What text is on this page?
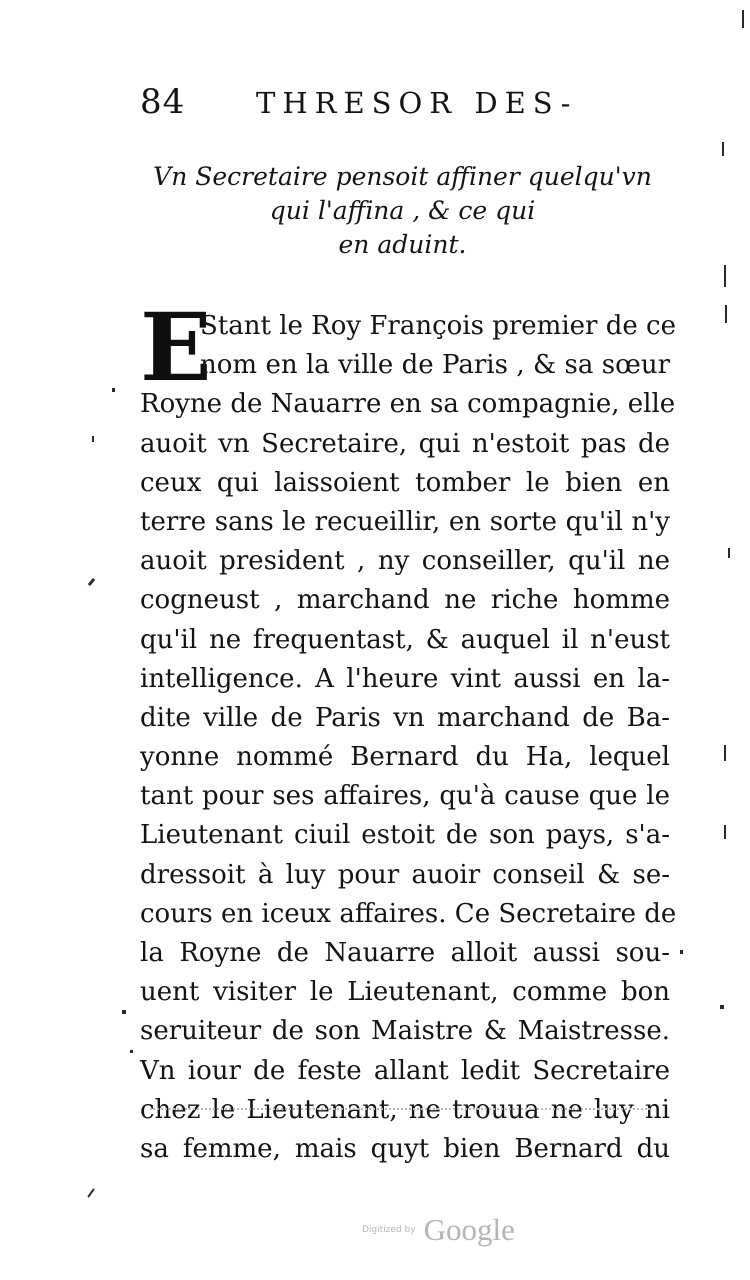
84 THRESOR DES-
Vn Secretaire pensoit affiner quelqu'vn
qui l'affina , & ce qui
en aduint.
E
Stant le Roy François premier de ce
nom en la ville de Paris , & sa sœur
Royne de Nauarre en sa compagnie, elle
auoit vn Secretaire, qui n'estoit pas de
ceux qui laissoient tomber le bien en
terre sans le recueillir, en sorte qu'il n'y
auoit president , ny conseiller, qu'il ne
cogneust , marchand ne riche homme
qu'il ne frequentast, & auquel il n'eust
intelligence. A l'heure vint aussi en la-
dite ville de Paris vn marchand de Ba-
yonne nommé Bernard du Ha, lequel
tant pour ses affaires, qu'à cause que le
Lieutenant ciuil estoit de son pays, s'a-
dressoit à luy pour auoir conseil & se-
cours en iceux affaires. Ce Secretaire de
la Royne de Nauarre alloit aussi sou-
uent visiter le Lieutenant, comme bon
seruiteur de son Maistre & Maistresse.
Vn iour de feste allant ledit Secretaire
chez le Lieutenant, ne trouua ne luy ni
sa femme, mais quyt bien Bernard du
Digitized by Google
